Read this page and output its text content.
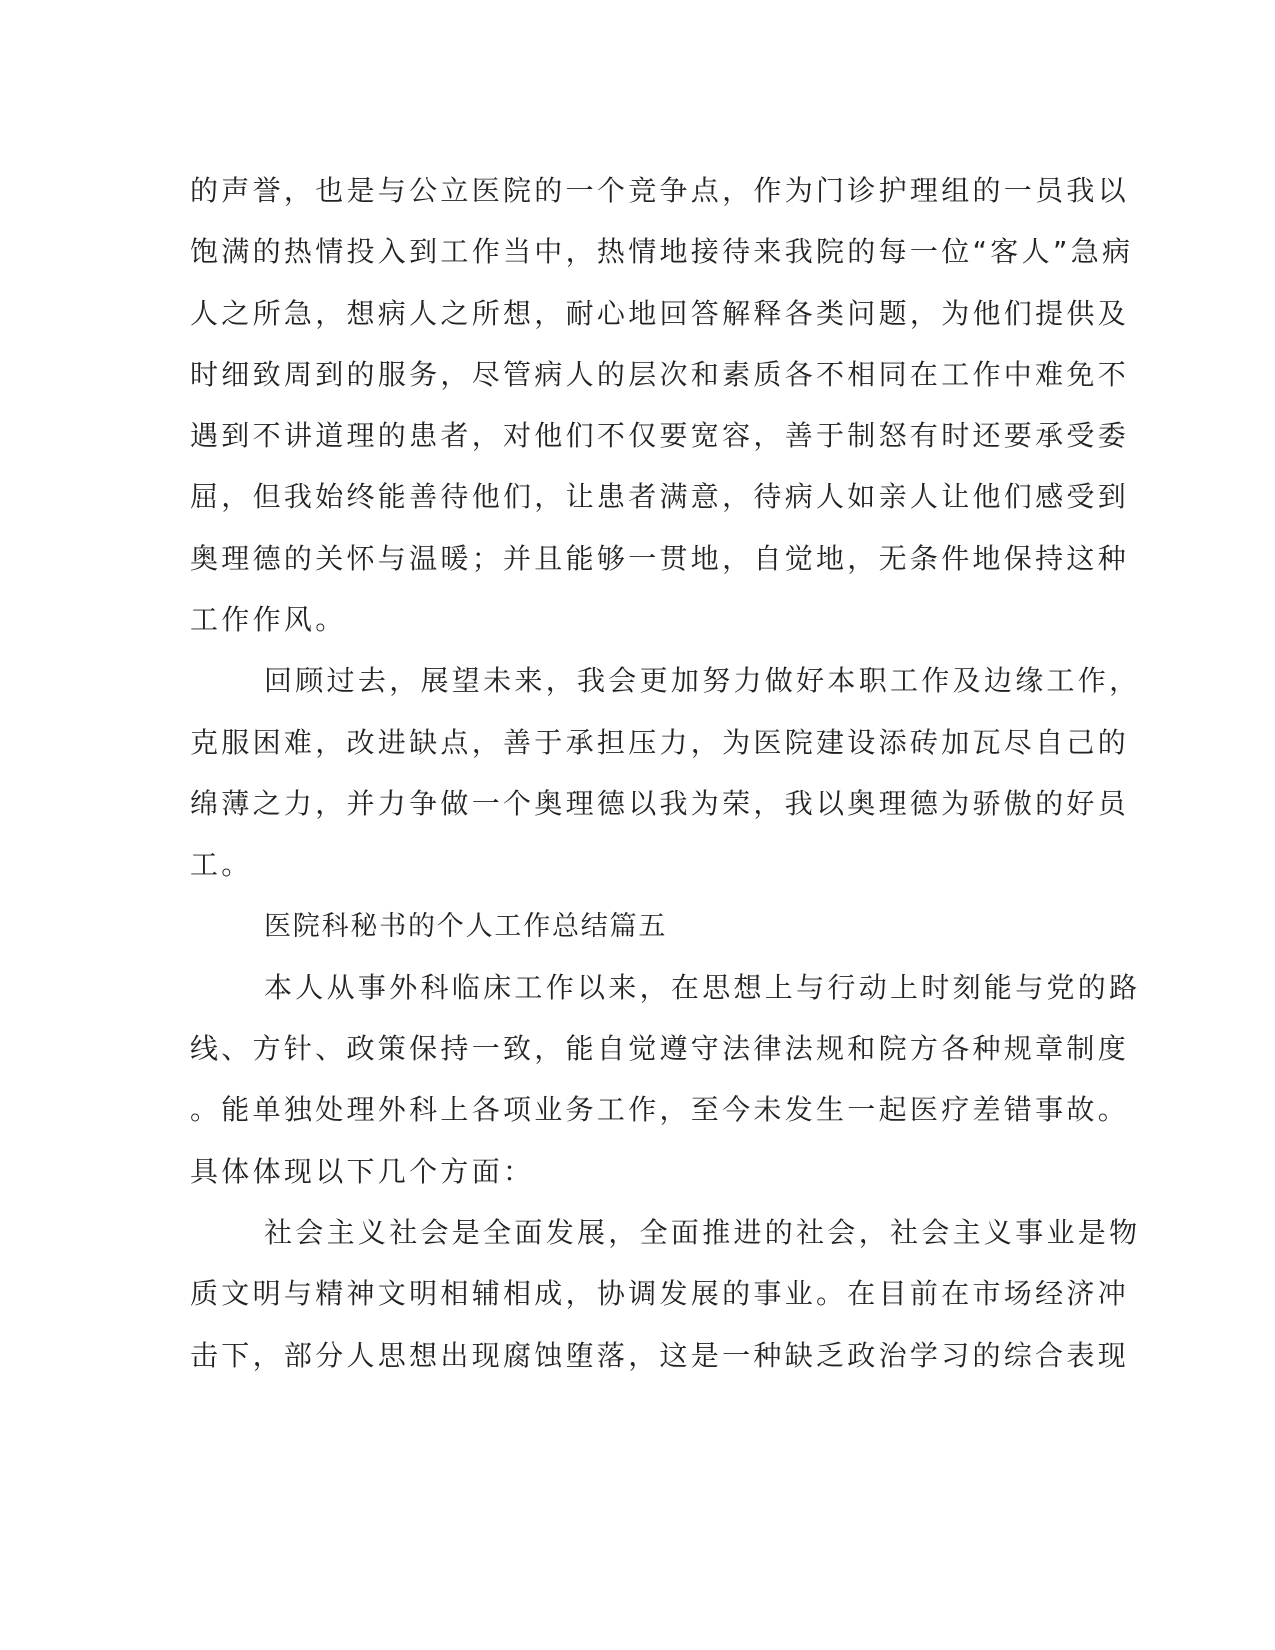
的声誉，也是与公立医院的一个竞争点，作为门诊护理组的一员我以
饱满的热情投入到工作当中，热情地接待来我院的每一位“客人”急病
人之所急，想病人之所想，耐心地回答解释各类问题，为他们提供及
时细致周到的服务，尽管病人的层次和素质各不相同在工作中难免不
遇到不讲道理的患者，对他们不仅要宽容，善于制怒有时还要承受委
屈，但我始终能善待他们，让患者满意，待病人如亲人让他们感受到
奥理德的关怀与温暖；并且能够一贯地，自觉地，无条件地保持这种
工作作风。
回顾过去，展望未来，我会更加努力做好本职工作及边缘工作，
克服困难，改进缺点，善于承担压力，为医院建设添砖加瓦尽自己的
绵薄之力，并力争做一个奥理德以我为荣，我以奥理德为骄傲的好员
工。
医院科秘书的个人工作总结篇五
本人从事外科临床工作以来，在思想上与行动上时刻能与党的路
线、方针、政策保持一致，能自觉遵守法律法规和院方各种规章制度
。能单独处理外科上各项业务工作，至今未发生一起医疗差错事故。
具体体现以下几个方面：
社会主义社会是全面发展，全面推进的社会，社会主义事业是物
质文明与精神文明相辅相成，协调发展的事业。在目前在市场经济冲
击下，部分人思想出现腐蚀堕落，这是一种缺乏政治学习的综合表现
